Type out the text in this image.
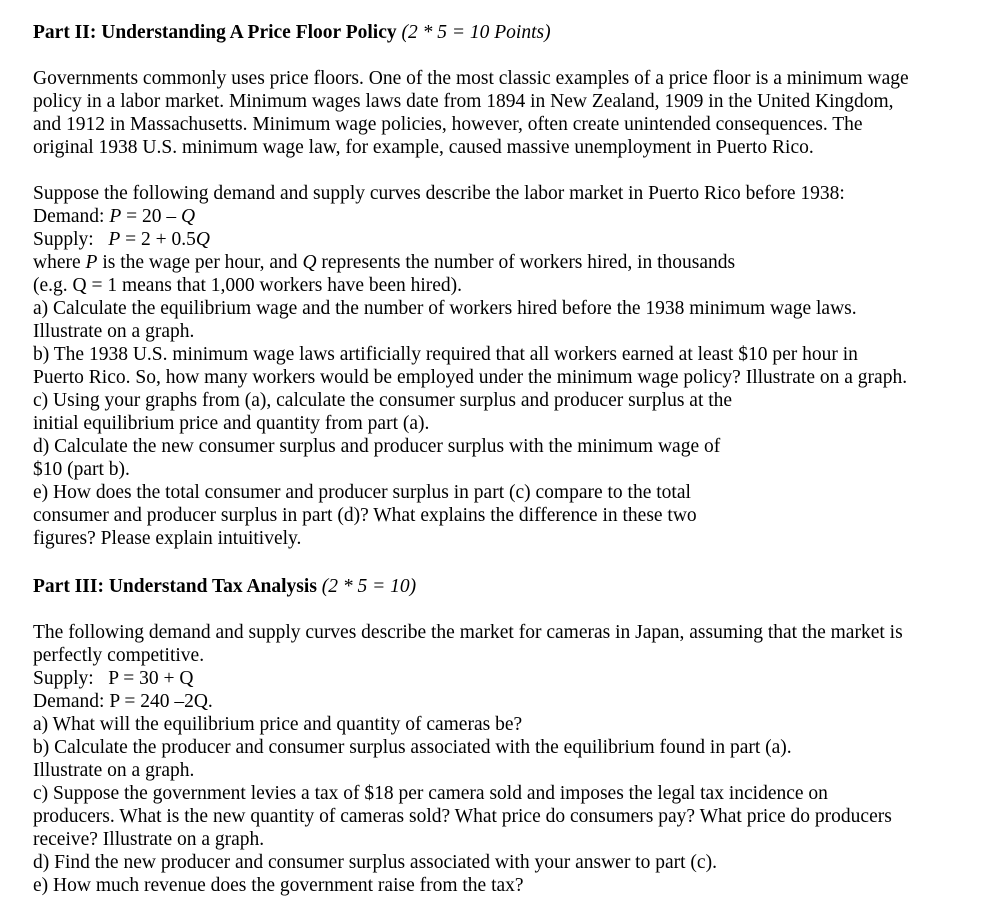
Part II: Understanding A Price Floor Policy (2 * 5 = 10 Points)
Governments commonly uses price floors. One of the most classic examples of a price floor is a minimum wage
policy in a labor market. Minimum wages laws date from 1894 in New Zealand, 1909 in the United Kingdom,
and 1912 in Massachusetts. Minimum wage policies, however, often create unintended consequences. The
original 1938 U.S. minimum wage law, for example, caused massive unemployment in Puerto Rico.
Suppose the following demand and supply curves describe the labor market in Puerto Rico before 1938:
Demand: P = 20 – Q
Supply:   P = 2 + 0.5Q
where P is the wage per hour, and Q represents the number of workers hired, in thousands
(e.g. Q = 1 means that 1,000 workers have been hired).
a) Calculate the equilibrium wage and the number of workers hired before the 1938 minimum wage laws.
Illustrate on a graph.
b) The 1938 U.S. minimum wage laws artificially required that all workers earned at least $10 per hour in
Puerto Rico. So, how many workers would be employed under the minimum wage policy? Illustrate on a graph.
c) Using your graphs from (a), calculate the consumer surplus and producer surplus at the
initial equilibrium price and quantity from part (a).
d) Calculate the new consumer surplus and producer surplus with the minimum wage of
$10 (part b).
e) How does the total consumer and producer surplus in part (c) compare to the total
consumer and producer surplus in part (d)? What explains the difference in these two
figures? Please explain intuitively.
Part III: Understand Tax Analysis (2 * 5 = 10)
The following demand and supply curves describe the market for cameras in Japan, assuming that the market is
perfectly competitive.
Supply:   P = 30 + Q
Demand: P = 240 –2Q.
a) What will the equilibrium price and quantity of cameras be?
b) Calculate the producer and consumer surplus associated with the equilibrium found in part (a).
Illustrate on a graph.
c) Suppose the government levies a tax of $18 per camera sold and imposes the legal tax incidence on
producers. What is the new quantity of cameras sold? What price do consumers pay? What price do producers
receive? Illustrate on a graph.
d) Find the new producer and consumer surplus associated with your answer to part (c).
e) How much revenue does the government raise from the tax?
